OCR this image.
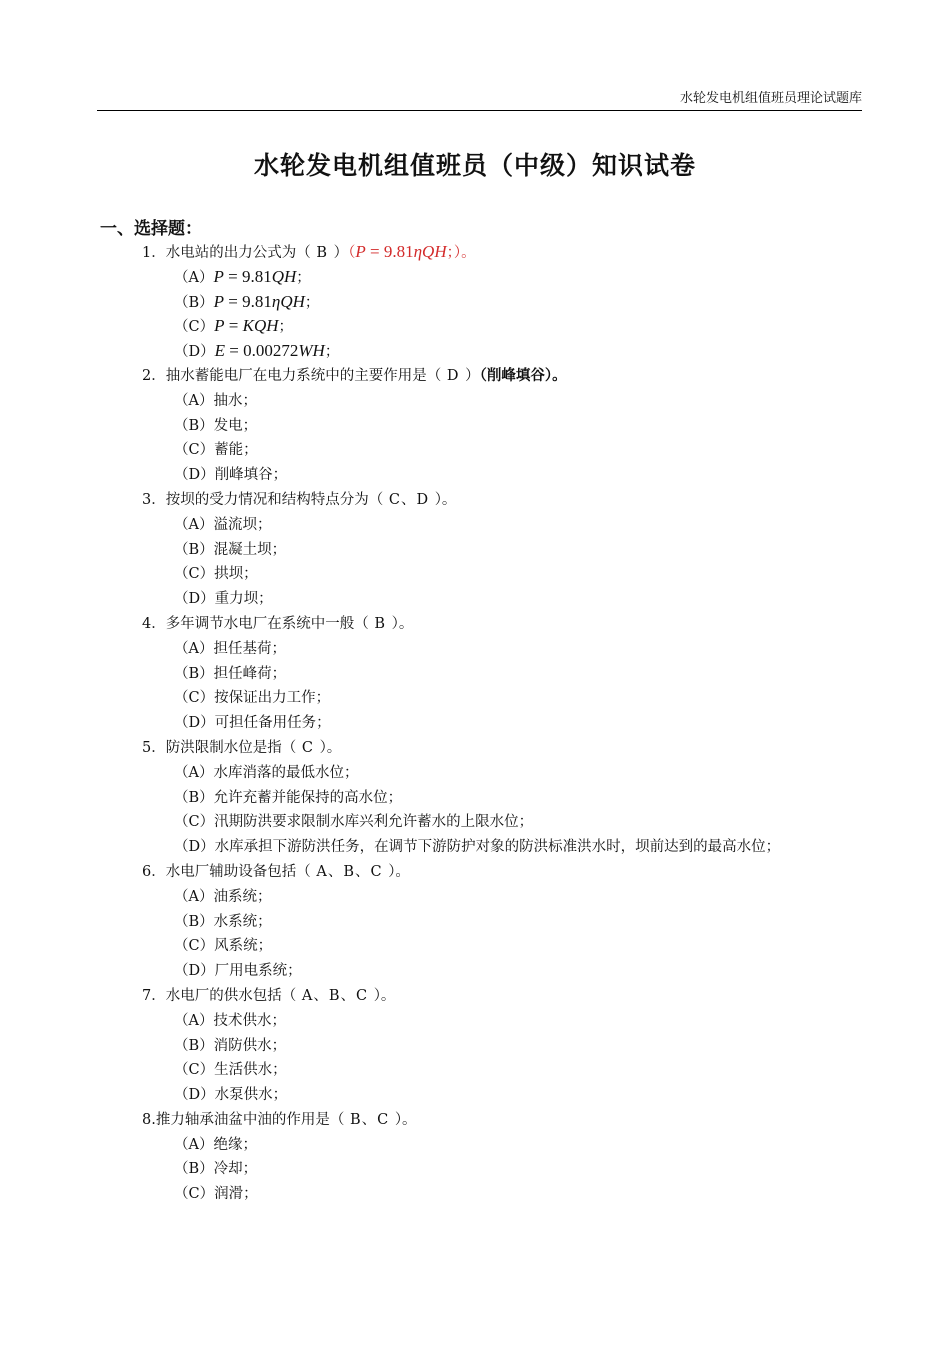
水轮发电机组值班员理论试题库
水轮发电机组值班员（中级）知识试卷
一、选择题：
1．水电站的出力公式为（ B ）（P = 9.81ηQH；）。
（A）P = 9.81QH；
（B）P = 9.81ηQH；
（C）P = KQH；
（D）E = 0.00272WH；
2．抽水蓄能电厂在电力系统中的主要作用是（ D ）（削峰填谷）。
（A）抽水；
（B）发电；
（C）蓄能；
（D）削峰填谷；
3．按坝的受力情况和结构特点分为（ C、D ）。
（A）溢流坝；
（B）混凝土坝；
（C）拱坝；
（D）重力坝；
4．多年调节水电厂在系统中一般（ B ）。
（A）担任基荷；
（B）担任峰荷；
（C）按保证出力工作；
（D）可担任备用任务；
5．防洪限制水位是指（ C ）。
（A）水库消落的最低水位；
（B）允许充蓄并能保持的高水位；
（C）汛期防洪要求限制水库兴利允许蓄水的上限水位；
（D）水库承担下游防洪任务，在调节下游防护对象的防洪标准洪水时，坝前达到的最高水位；
6．水电厂辅助设备包括（ A、B、C ）。
（A）油系统；
（B）水系统；
（C）风系统；
（D）厂用电系统；
7．水电厂的供水包括（ A、B、C ）。
（A）技术供水；
（B）消防供水；
（C）生活供水；
（D）水泵供水；
8.推力轴承油盆中油的作用是（ B、C ）。
（A）绝缘；
（B）冷却；
（C）润滑；
